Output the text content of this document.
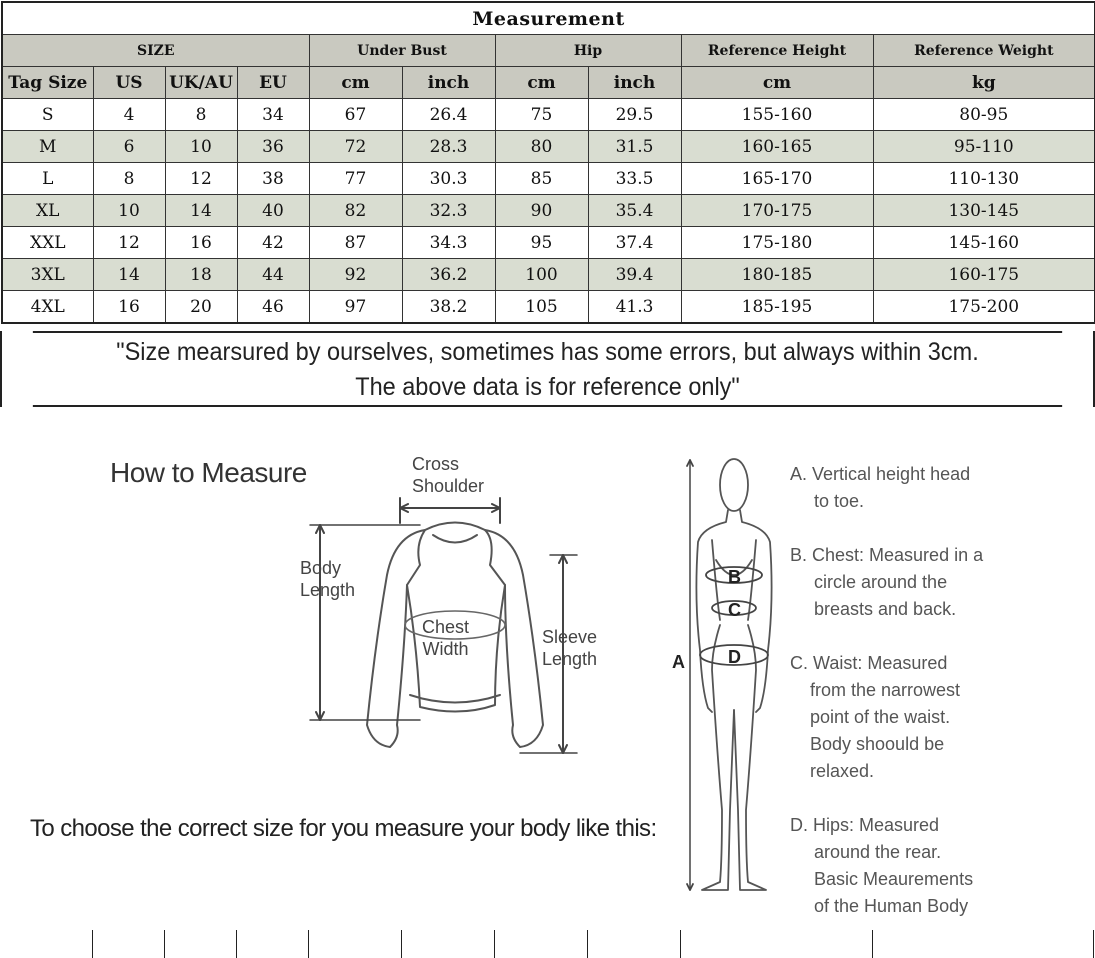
Measurement									
SIZE				Under Bust		Hip		Reference Height	Reference Weight
Tag Size	US	UK/AU	EU	cm	inch	cm	inch	cm	kg
S	4	8	34	67	26.4	75	29.5	155-160	80-95
M	6	10	36	72	28.3	80	31.5	160-165	95-110
L	8	12	38	77	30.3	85	33.5	165-170	110-130
XL	10	14	40	82	32.3	90	35.4	170-175	130-145
XXL	12	16	42	87	34.3	95	37.4	175-180	145-160
3XL	14	18	44	92	36.2	100	39.4	180-185	160-175
4XL	16	20	46	97	38.2	105	41.3	185-195	175-200
"Size mearsured by ourselves, sometimes has some errors, but always within 3cm.
The above data is for reference only"
How to Measure	Cross
Shoulder
Body
Length
Chest
Width
Sleeve
Length
To choose the correct size for you measure your body like this:
A
B
C
D
A. Vertical height head
to toe.
B. Chest: Measured in a
circle around the
breasts and back.
C. Waist: Measured
from the narrowest
point of the waist.
Body shoould be
relaxed.
D. Hips: Measured
around the rear.
Basic Meaurements
of the Human Body
